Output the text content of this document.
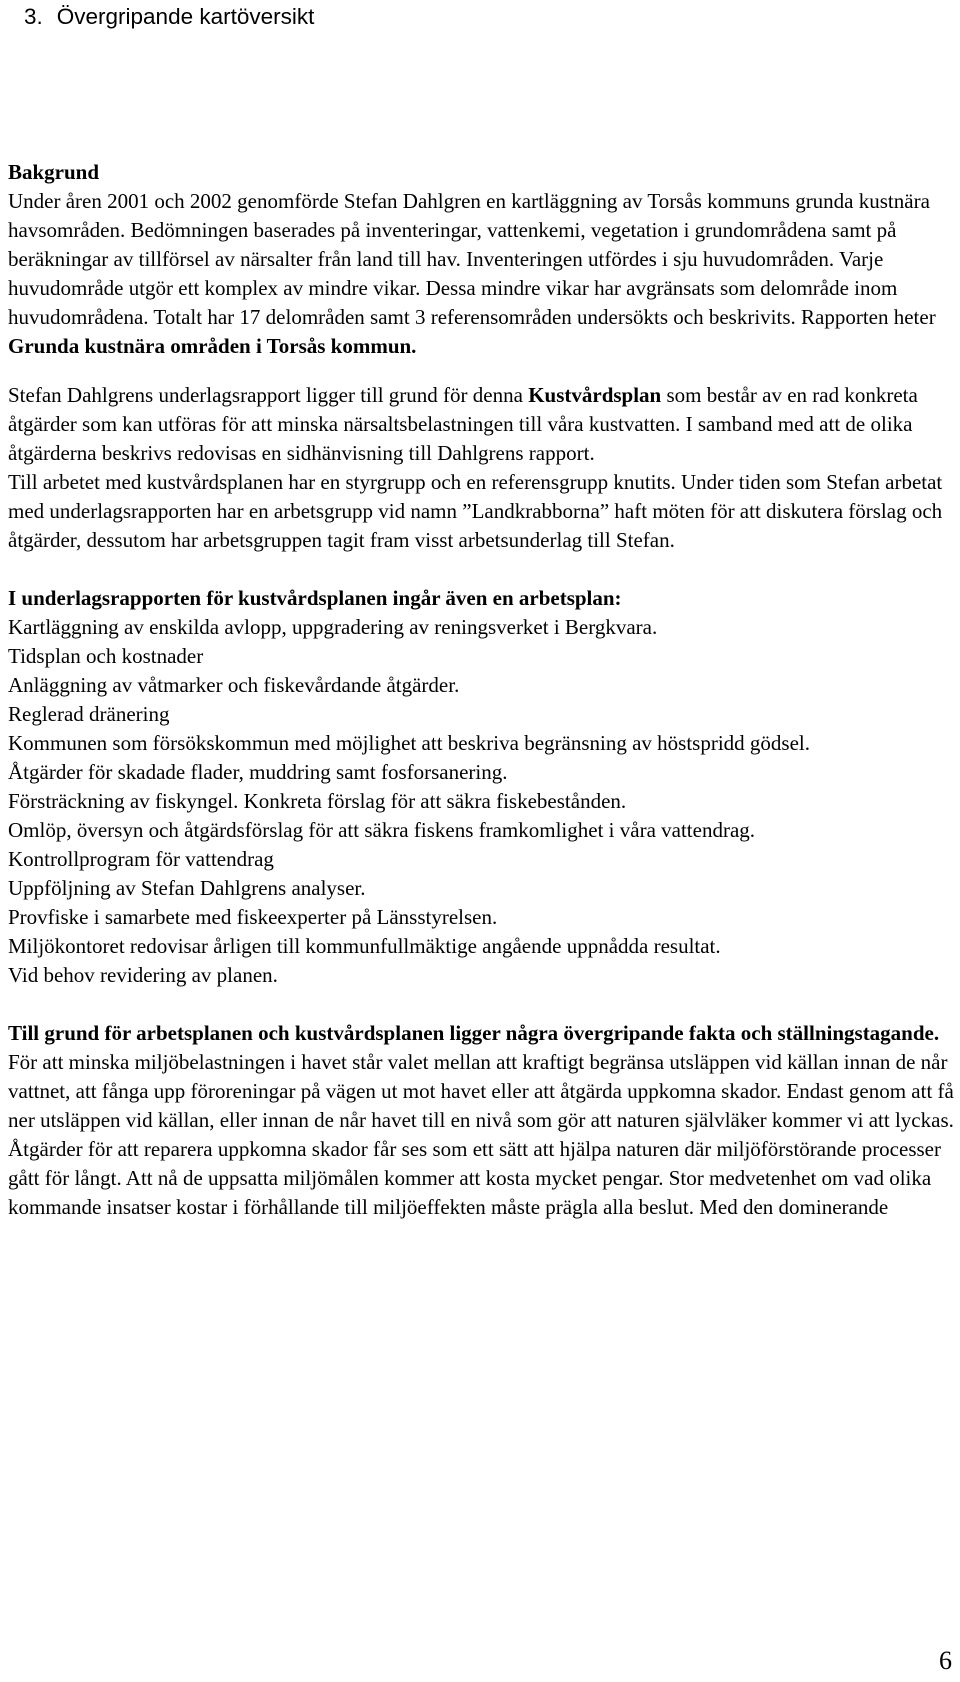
3. Övergripande kartöversikt

Bakgrund

Under åren 2001 och 2002 genomförde Stefan Dahlgren en kartläggning av Torsås kommuns grunda kustnära havsområden. Bedömningen baserades på inventeringar, vattenkemi, vegetation i grundområdena samt på beräkningar av tillförsel av närsalter från land till hav. Inventeringen utfördes i sju huvudområden. Varje huvudområde utgör ett komplex av mindre vikar. Dessa mindre vikar har avgränsats som delområde inom huvudområdena. Totalt har 17 delområden samt 3 referensområden undersökts och beskrivits. Rapporten heter Grunda kustnära områden i Torsås kommun.

Stefan Dahlgrens underlagsrapport ligger till grund för denna Kustvårdsplan som består av en rad konkreta åtgärder som kan utföras för att minska närsaltsbelastningen till våra kustvatten. I samband med att de olika åtgärderna beskrivs redovisas en sidhänvisning till Dahlgrens rapport.

Till arbetet med kustvårdsplanen har en styrgrupp och en referensgrupp knutits. Under tiden som Stefan arbetat med underlagsrapporten har en arbetsgrupp vid namn ”Landkrabborna” haft möten för att diskutera förslag och åtgärder, dessutom har arbetsgruppen tagit fram visst arbetsunderlag till Stefan.

I underlagsrapporten för kustvårdsplanen ingår även en arbetsplan:

Kartläggning av enskilda avlopp, uppgradering av reningsverket i Bergkvara.

Tidsplan och kostnader

Anläggning av våtmarker och fiskevårdande åtgärder.

Reglerad dränering

Kommunen som försökskommun med möjlighet att beskriva begränsning av höstspridd gödsel.

Åtgärder för skadade flader, muddring samt fosforsanering.

Försträckning av fiskyngel. Konkreta förslag för att säkra fiskebestånden.

Omlöp, översyn och åtgärdsförslag för att säkra fiskens framkomlighet i våra vattendrag.

Kontrollprogram för vattendrag

Uppföljning av Stefan Dahlgrens analyser.

Provfiske i samarbete med fiskeexperter på Länsstyrelsen.

Miljökontoret redovisar årligen till kommunfullmäktige angående uppnådda resultat.

Vid behov revidering av planen.

Till grund för arbetsplanen och kustvårdsplanen ligger några övergripande fakta och ställningstagande.

För att minska miljöbelastningen i havet står valet mellan att kraftigt begränsa utsläppen vid källan innan de når vattnet, att fånga upp föroreningar på vägen ut mot havet eller att åtgärda uppkomna skador. Endast genom att få ner utsläppen vid källan, eller innan de når havet till en nivå som gör att naturen självläker kommer vi att lyckas. Åtgärder för att reparera uppkomna skador får ses som ett sätt att hjälpa naturen där miljöförstörande processer gått för långt. Att nå de uppsatta miljömålen kommer att kosta mycket pengar. Stor medvetenhet om vad olika kommande insatser kostar i förhållande till miljöeffekten måste prägla alla beslut. Med den dominerande

6
